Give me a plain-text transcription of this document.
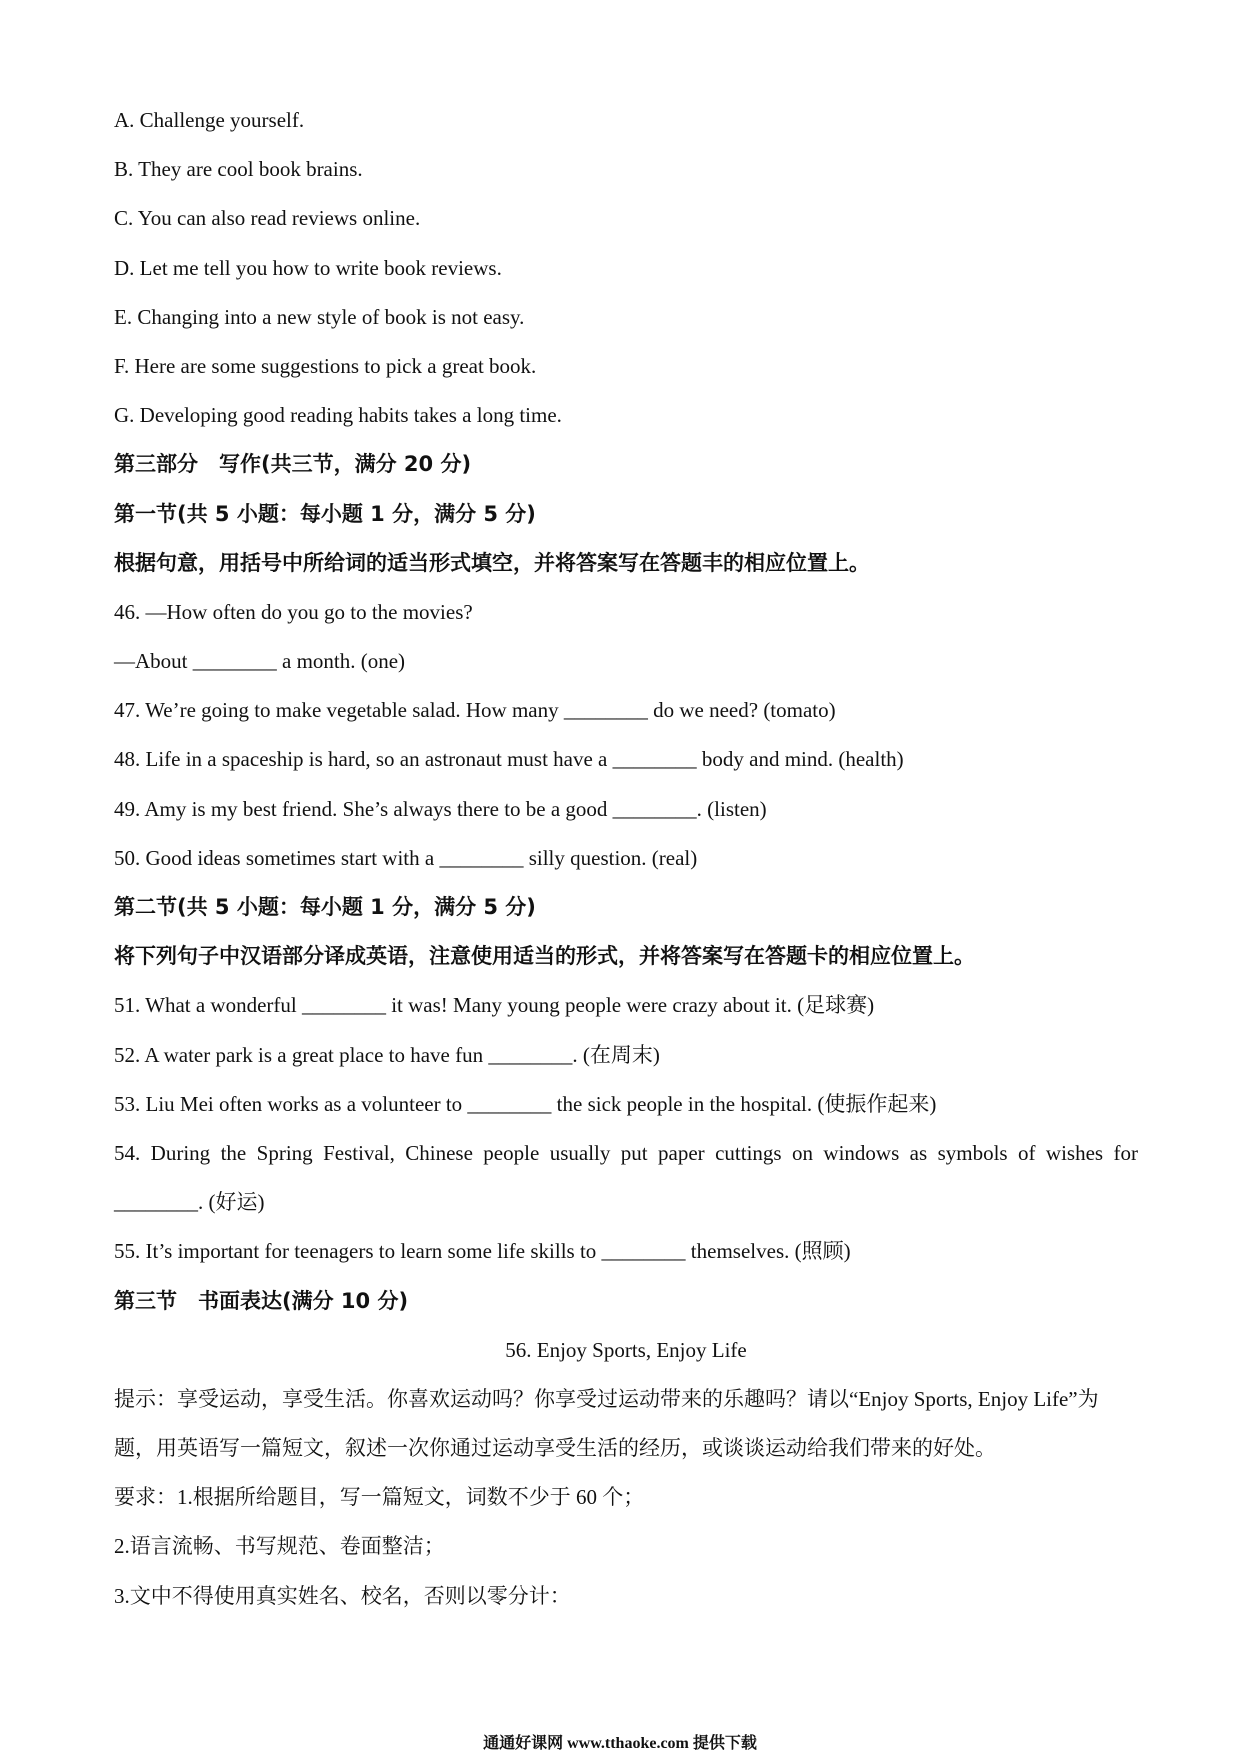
A. Challenge yourself.
B. They are cool book brains.
C. You can also read reviews online.
D. Let me tell you how to write book reviews.
E. Changing into a new style of book is not easy.
F. Here are some suggestions to pick a great book.
G. Developing good reading habits takes a long time.
第三部分　写作(共三节，满分 20 分)
第一节(共 5 小题：每小题 1 分，满分 5 分)
根据句意，用括号中所给词的适当形式填空，并将答案写在答题丰的相应位置上。
46. —How often do you go to the movies?
—About ________ a month. (one)
47. We’re going to make vegetable salad. How many ________ do we need? (tomato)
48. Life in a spaceship is hard, so an astronaut must have a ________ body and mind. (health)
49. Amy is my best friend. She’s always there to be a good ________. (listen)
50. Good ideas sometimes start with a ________ silly question. (real)
第二节(共 5 小题：每小题 1 分，满分 5 分)
将下列句子中汉语部分译成英语，注意使用适当的形式，并将答案写在答题卡的相应位置上。
51. What a wonderful ________ it was! Many young people were crazy about it. (足球赛)
52. A water park is a great place to have fun ________. (在周末)
53. Liu Mei often works as a volunteer to ________ the sick people in the hospital. (使振作起来)
54. During the Spring Festival, Chinese people usually put paper cuttings on windows as symbols of wishes for
________. (好运)
55. It’s important for teenagers to learn some life skills to ________ themselves. (照顾)
第三节　书面表达(满分 10 分)
56. Enjoy Sports, Enjoy Life
提示：享受运动，享受生活。你喜欢运动吗？你享受过运动带来的乐趣吗？请以“Enjoy Sports, Enjoy Life”为
题，用英语写一篇短文，叙述一次你通过运动享受生活的经历，或谈谈运动给我们带来的好处。
要求：1.根据所给题目，写一篇短文，词数不少于 60 个；
2.语言流畅、书写规范、卷面整洁；
3.文中不得使用真实姓名、校名，否则以零分计：
通通好课网 www.tthaoke.com 提供下载
